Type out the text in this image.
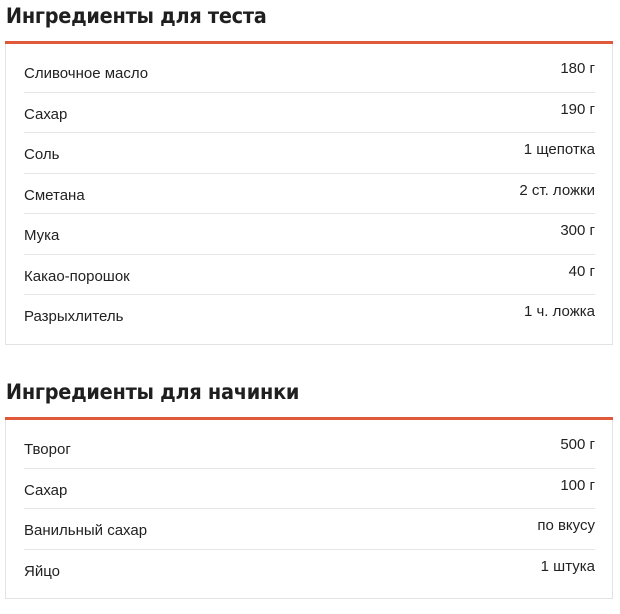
Ингредиенты для теста
Сливочное масло	180 г
Сахар	190 г
Соль	1 щепотка
Сметана	2 ст. ложки
Мука	300 г
Какао-порошок	40 г
Разрыхлитель	1 ч. ложка
Ингредиенты для начинки
Творог	500 г
Сахар	100 г
Ванильный сахар	по вкусу
Яйцо	1 штука
